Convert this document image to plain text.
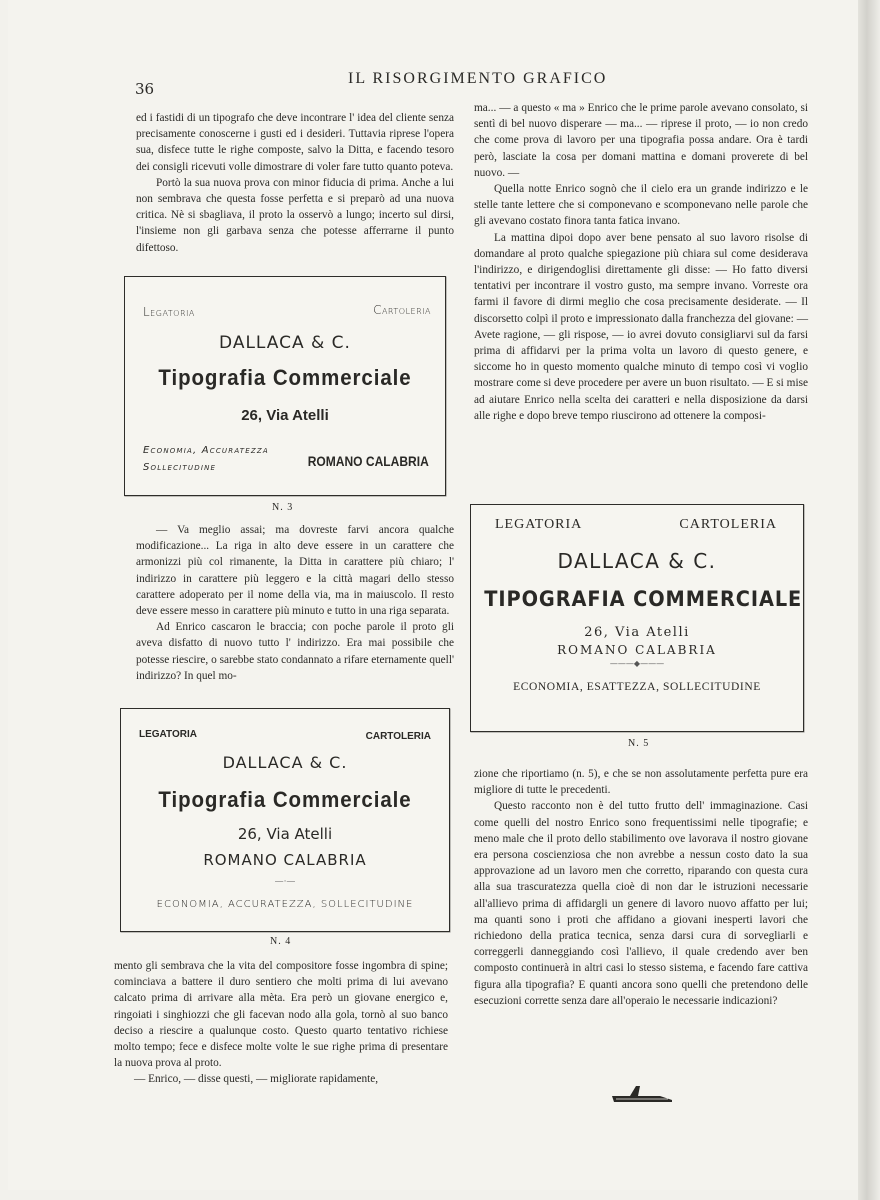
36
IL RISORGIMENTO GRAFICO

ed i fastidi di un tipografo che deve incontrare l' idea del cliente senza precisamente conoscerne i gusti ed i desideri. Tuttavia riprese l'opera sua, disfece tutte le righe composte, salvo la Ditta, e facendo tesoro dei consigli ricevuti volle dimostrare di voler fare tutto quanto poteva.

Portò la sua nuova prova con minor fiducia di prima. Anche a lui non sembrava che questa fosse perfetta e si preparò ad una nuova critica. Nè si sbagliava, il proto la osservò a lungo; incerto sul dirsi, l'insieme non gli garbava senza che potesse afferrarne il punto difettoso.

Legatoria	Cartoleria
DALLACA & C.
Tipografia Commerciale
26, Via Atelli
Economia, Accuratezza
Sollecitudine	ROMANO CALABRIA
N. 3

— Va meglio assai; ma dovreste farvi ancora qualche modificazione... La riga in alto deve essere in un carattere che armonizzi più col rimanente, la Ditta in carattere più chiaro; l' indirizzo in carattere più leggero e la città magari dello stesso carattere adoperato per il nome della via, ma in maiuscolo. Il resto deve essere messo in carattere più minuto e tutto in una riga separata.

Ad Enrico cascaron le braccia; con poche parole il proto gli aveva disfatto di nuovo tutto l' indirizzo. Era mai possibile che potesse riescire, o sarebbe stato condannato a rifare eternamente quell' indirizzo? In quel mo-

LEGATORIA	CARTOLERIA
DALLACA & C.
Tipografia Commerciale
26, Via Atelli
ROMANO CALABRIA
—·—
ECONOMIA, ACCURATEZZA, SOLLECITUDINE
N. 4

mento gli sembrava che la vita del compositore fosse ingombra di spine; cominciava a battere il duro sentiero che molti prima di lui avevano calcato prima di arrivare alla mèta. Era però un giovane energico e, ringoiati i singhiozzi che gli facevan nodo alla gola, tornò al suo banco deciso a riescire a qualunque costo. Questo quarto tentativo richiese molto tempo; fece e disfece molte volte le sue righe prima di presentare la nuova prova al proto.

— Enrico, — disse questi, — migliorate rapidamente,

ma... — a questo « ma » Enrico che le prime parole avevano consolato, si sentì di bel nuovo disperare — ma... — riprese il proto, — io non credo che come prova di lavoro per una tipografia possa andare. Ora è tardi però, lasciate la cosa per domani mattina e domani proverete di bel nuovo. —

Quella notte Enrico sognò che il cielo era un grande indirizzo e le stelle tante lettere che si componevano e scomponevano nelle parole che gli avevano costato finora tanta fatica invano.

La mattina dipoi dopo aver bene pensato al suo lavoro risolse di domandare al proto qualche spiegazione più chiara sul come desiderava l'indirizzo, e dirigendoglisi direttamente gli disse: — Ho fatto diversi tentativi per incontrare il vostro gusto, ma sempre invano. Vorreste ora farmi il favore di dirmi meglio che cosa precisamente desiderate. — Il discorsetto colpì il proto e impressionato dalla franchezza del giovane: — Avete ragione, — gli rispose, — io avrei dovuto consigliarvi sul da farsi prima di affidarvi per la prima volta un lavoro di questo genere, e siccome ho in questo momento qualche minuto di tempo così vi voglio mostrare come si deve procedere per avere un buon risultato. — E si mise ad aiutare Enrico nella scelta dei caratteri e nella disposizione da darsi alle righe e dopo breve tempo riuscirono ad ottenere la composi-

LEGATORIA	CARTOLERIA
DALLACA & C.
TIPOGRAFIA COMMERCIALE
26, Via Atelli
ROMANO CALABRIA
———◆———
ECONOMIA, ESATTEZZA, SOLLECITUDINE
N. 5

zione che riportiamo (n. 5), e che se non assolutamente perfetta pure era migliore di tutte le precedenti.

Questo racconto non è del tutto frutto dell' immaginazione. Casi come quelli del nostro Enrico sono frequentissimi nelle tipografie; e meno male che il proto dello stabilimento ove lavorava il nostro giovane era persona coscienziosa che non avrebbe a nessun costo dato la sua approvazione ad un lavoro men che corretto, riparando con questa cura alla sua trascuratezza quella cioè di non dar le istruzioni necessarie all'allievo prima di affidargli un genere di lavoro nuovo affatto per lui; ma quanti sono i proti che affidano a giovani inesperti lavori che richiedono della pratica tecnica, senza darsi cura di sorvegliarli e correggerli danneggiando così l'allievo, il quale credendo aver ben composto continuerà in altri casi lo stesso sistema, e facendo fare cattiva figura alla tipografia? E quanti ancora sono quelli che pretendono delle esecuzioni corrette senza dare all'operaio le necessarie indicazioni?
